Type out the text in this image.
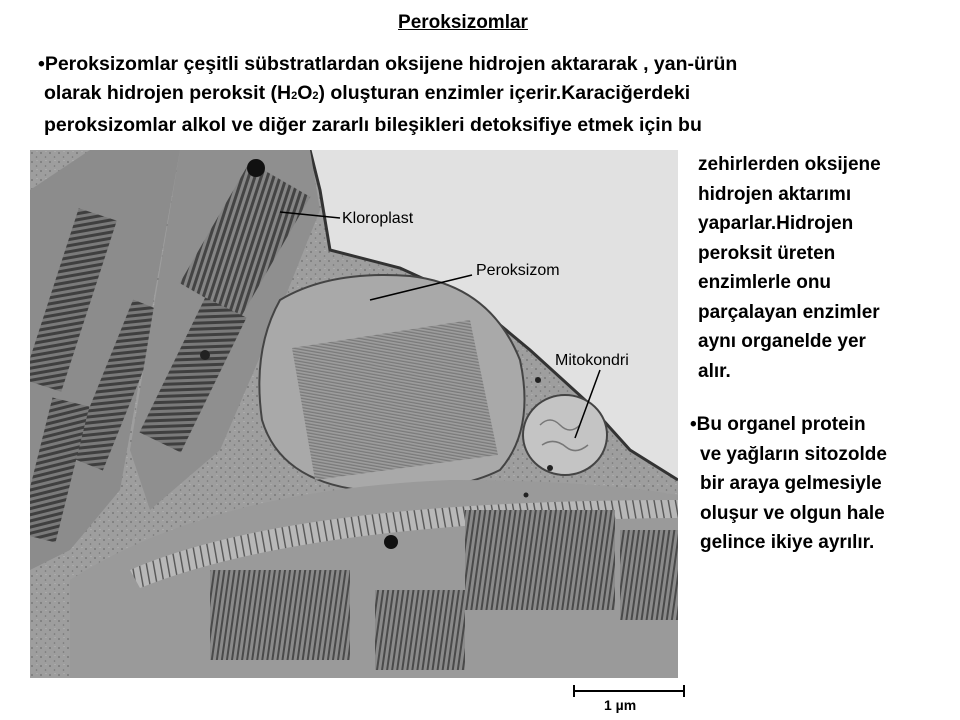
Peroksizomlar

•Peroksizomlar çeşitli sübstratlardan oksijene hidrojen aktararak , yan-ürün
olarak hidrojen peroksit (H2O2) oluşturan enzimler içerir.Karaciğerdeki
peroksizomlar alkol ve diğer zararlı bileşikleri detoksifiye etmek için bu

zehirlerden oksijene
hidrojen aktarımı
yaparlar.Hidrojen
peroksit üreten
enzimlerle onu
parçalayan enzimler
aynı organelde yer
alır.
•Bu organel protein
ve yağların sitozolde
bir araya gelmesiyle
oluşur ve olgun hale
gelince ikiye ayrılır.
Kloroplast
Peroksizom
Mitokondri
1 µm
